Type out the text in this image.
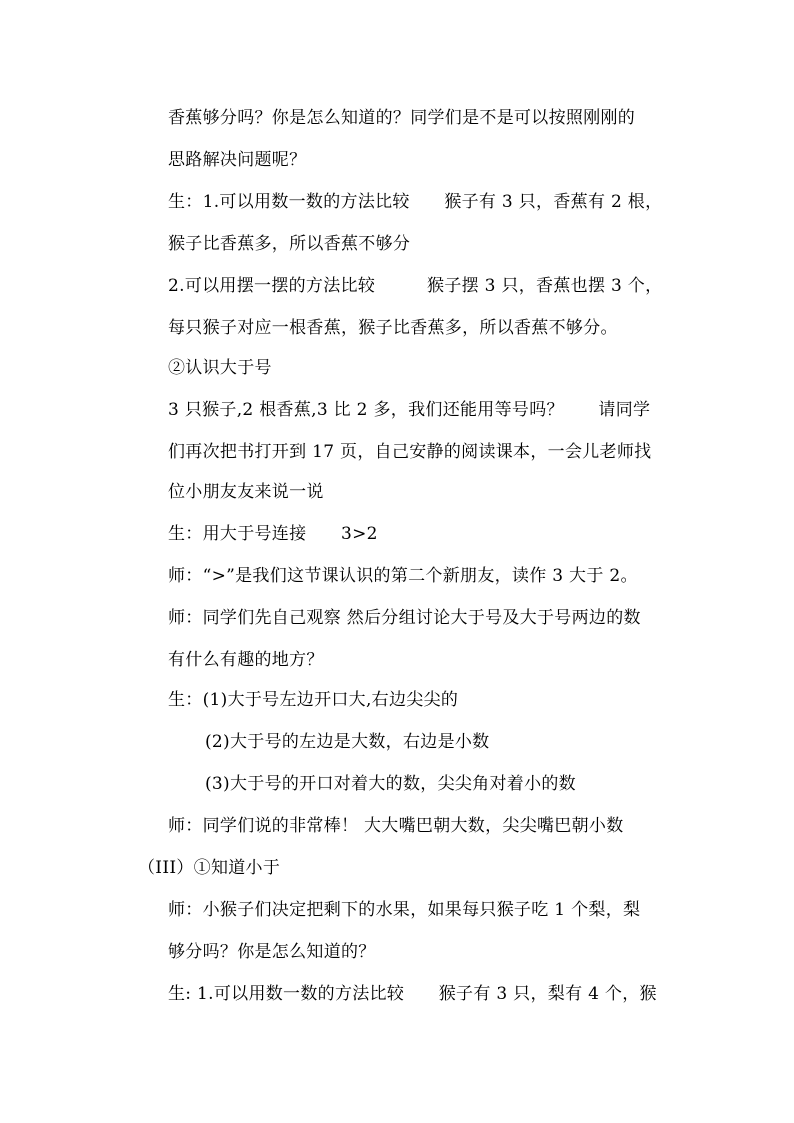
香蕉够分吗？你是怎么知道的？同学们是不是可以按照刚刚的
思路解决问题呢？
生：1.可以用数一数的方法比较　　猴子有 3 只，香蕉有 2 根，
猴子比香蕉多，所以香蕉不够分
2.可以用摆一摆的方法比较　　　猴子摆 3 只，香蕉也摆 3 个，
每只猴子对应一根香蕉，猴子比香蕉多，所以香蕉不够分。
②认识大于号
3 只猴子,2 根香蕉,3 比 2 多，我们还能用等号吗？　　请同学
们再次把书打开到 17 页，自己安静的阅读课本，一会儿老师找
位小朋友友来说一说
生：用大于号连接　　3>2
师：“>”是我们这节课认识的第二个新朋友，读作 3 大于 2。
师：同学们先自己观察 然后分组讨论大于号及大于号两边的数
有什么有趣的地方？
生：(1)大于号左边开口大,右边尖尖的
(2)大于号的左边是大数，右边是小数
(3)大于号的开口对着大的数，尖尖角对着小的数
师：同学们说的非常棒！ 大大嘴巴朝大数，尖尖嘴巴朝小数
（III）①知道小于
师：小猴子们决定把剩下的水果，如果每只猴子吃 1 个梨，梨
够分吗？你是怎么知道的？
生: 1.可以用数一数的方法比较　　猴子有 3 只，梨有 4 个，猴
